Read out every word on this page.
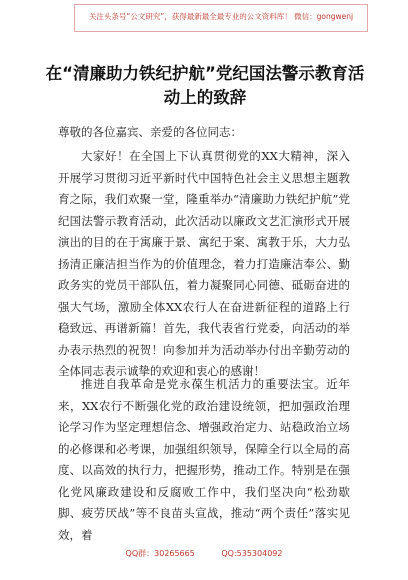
关注头条号“公文研究”，获得最新最全最专业的公文资料库！ 微信：gongwenj
在“清廉助力铁纪护航”党纪国法警示教育活动上的致辞
尊敬的各位嘉宾、亲爱的各位同志：
大家好！在全国上下认真贯彻党的XX大精神，深入开展学习贯彻习近平新时代中国特色社会主义思想主题教育之际，我们欢聚一堂，隆重举办“清廉助力铁纪护航”党纪国法警示教育活动，此次活动以廉政文艺汇演形式开展演出的目的在于寓廉于景、寓纪于案、寓教于乐，大力弘扬清正廉洁担当作为的价值理念，着力打造廉洁奉公、勤政务实的党员干部队伍，着力凝聚同心同德、砥砺奋进的强大气场，激励全体XX农行人在奋进新征程的道路上行稳致远、再谱新篇！首先，我代表省行党委，向活动的举办表示热烈的祝贺！向参加并为活动举办付出辛勤劳动的全体同志表示诚挚的欢迎和衷心的感谢！
推进自我革命是党永葆生机活力的重要法宝。近年来，XX农行不断强化党的政治建设统领，把加强政治理论学习作为坚定理想信念、增强政治定力、站稳政治立场的必修课和必考课，加强组织领导，保障全行以全局的高度、以高效的执行力，把握形势，推动工作。特别是在强化党风廉政建设和反腐败工作中，我们坚决向“松劲歇脚、疲劳厌战”等不良苗头宣战，推动“两个责任”落实见效，着
QQ群：30265665	QQ:535304092
